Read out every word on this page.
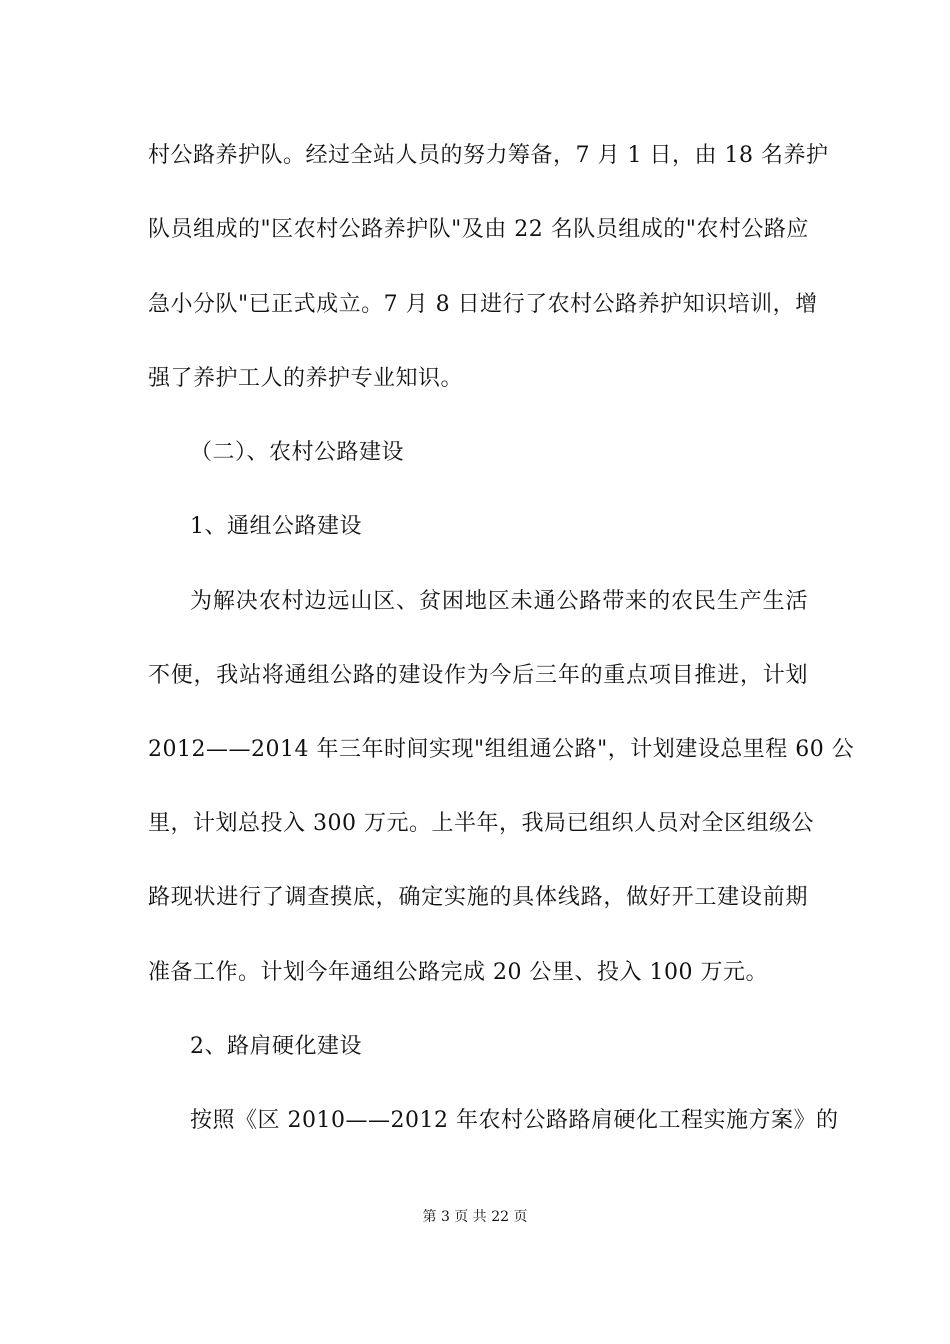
村公路养护队。经过全站人员的努力筹备，7 月 1 日，由 18 名养护
队员组成的"区农村公路养护队"及由 22 名队员组成的"农村公路应
急小分队"已正式成立。7 月 8 日进行了农村公路养护知识培训，增
强了养护工人的养护专业知识。
（二）、农村公路建设
1、通组公路建设
为解决农村边远山区、贫困地区未通公路带来的农民生产生活
不便，我站将通组公路的建设作为今后三年的重点项目推进，计划
2012——2014 年三年时间实现"组组通公路"，计划建设总里程 60 公
里，计划总投入 300 万元。上半年，我局已组织人员对全区组级公
路现状进行了调查摸底，确定实施的具体线路，做好开工建设前期
准备工作。计划今年通组公路完成 20 公里、投入 100 万元。
2、路肩硬化建设
按照《区 2010——2012 年农村公路路肩硬化工程实施方案》的
第 3 页 共 22 页
